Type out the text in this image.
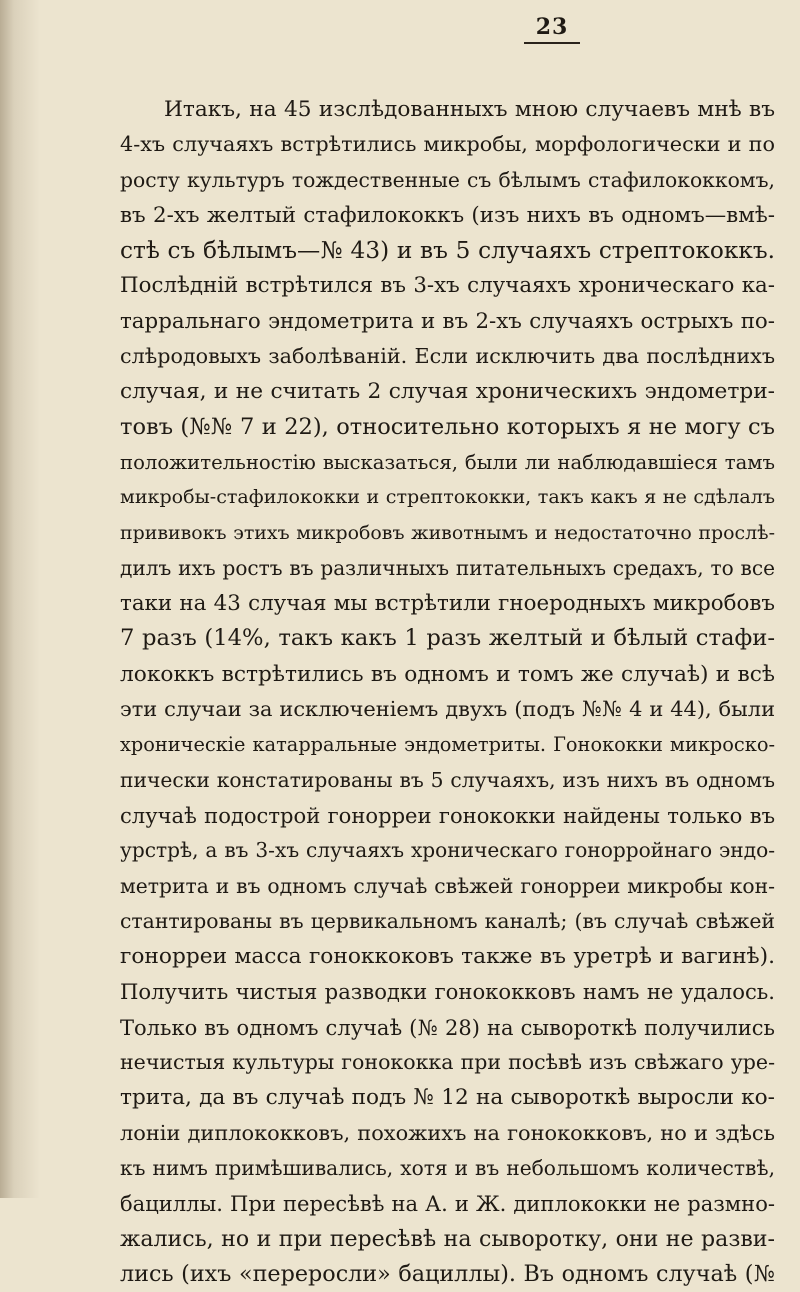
23
Итакъ, на 45 изслѣдованныхъ мною случаевъ мнѣ въ
4-хъ случаяхъ встрѣтились микробы, морфологически и по
росту культуръ тождественные съ бѣлымъ стафилококкомъ,
въ 2-хъ желтый стафилококкъ (изъ нихъ въ одномъ—вмѣ-
стѣ съ бѣлымъ—№ 43) и въ 5 случаяхъ стрептококкъ.
Послѣдній встрѣтился въ 3-хъ случаяхъ хроническаго ка-
тарральнаго эндометрита и въ 2-хъ случаяхъ острыхъ по-
слѣродовыхъ заболѣваній. Если исключить два послѣднихъ
случая, и не считать 2 случая хроническихъ эндометри-
товъ (№№ 7 и 22), относительно которыхъ я не могу съ
положительностію высказаться, были ли наблюдавшіеся тамъ
микробы-стафилококки и стрептококки, такъ какъ я не сдѣлалъ
прививокъ этихъ микробовъ животнымъ и недостаточно прослѣ-
дилъ ихъ ростъ въ различныхъ питательныхъ средахъ, то все
таки на 43 случая мы встрѣтили гноеродныхъ микробовъ
7 разъ (14%, такъ какъ 1 разъ желтый и бѣлый стафи-
лококкъ встрѣтились въ одномъ и томъ же случаѣ) и всѣ
эти случаи за исключеніемъ двухъ (подъ №№ 4 и 44), были
хроническіе катарральные эндометриты. Гонококки микроско-
пически констатированы въ 5 случаяхъ, изъ нихъ въ одномъ
случаѣ подострой гонорреи гонококки найдены только въ
урстрѣ, а въ 3-хъ случаяхъ хроническаго гонорройнаго эндо-
метрита и въ одномъ случаѣ свѣжей гонорреи микробы кон-
стантированы въ цервикальномъ каналѣ; (въ случаѣ свѣжей
гонорреи масса гоноккоковъ также въ уретрѣ и вагинѣ).
Получить чистыя разводки гонококковъ намъ не удалось.
Только въ одномъ случаѣ (№ 28) на сывороткѣ получились
нечистыя культуры гонококка при посѣвѣ изъ свѣжаго уре-
трита, да въ случаѣ подъ № 12 на сывороткѣ выросли ко-
лоніи диплококковъ, похожихъ на гонококковъ, но и здѣсь
къ нимъ примѣшивались, хотя и въ небольшомъ количествѣ,
бациллы. При пересѣвѣ на А. и Ж. диплококки не размно-
жались, но и при пересѣвѣ на сыворотку, они не разви-
лись (ихъ «переросли» бациллы). Въ одномъ случаѣ (№
